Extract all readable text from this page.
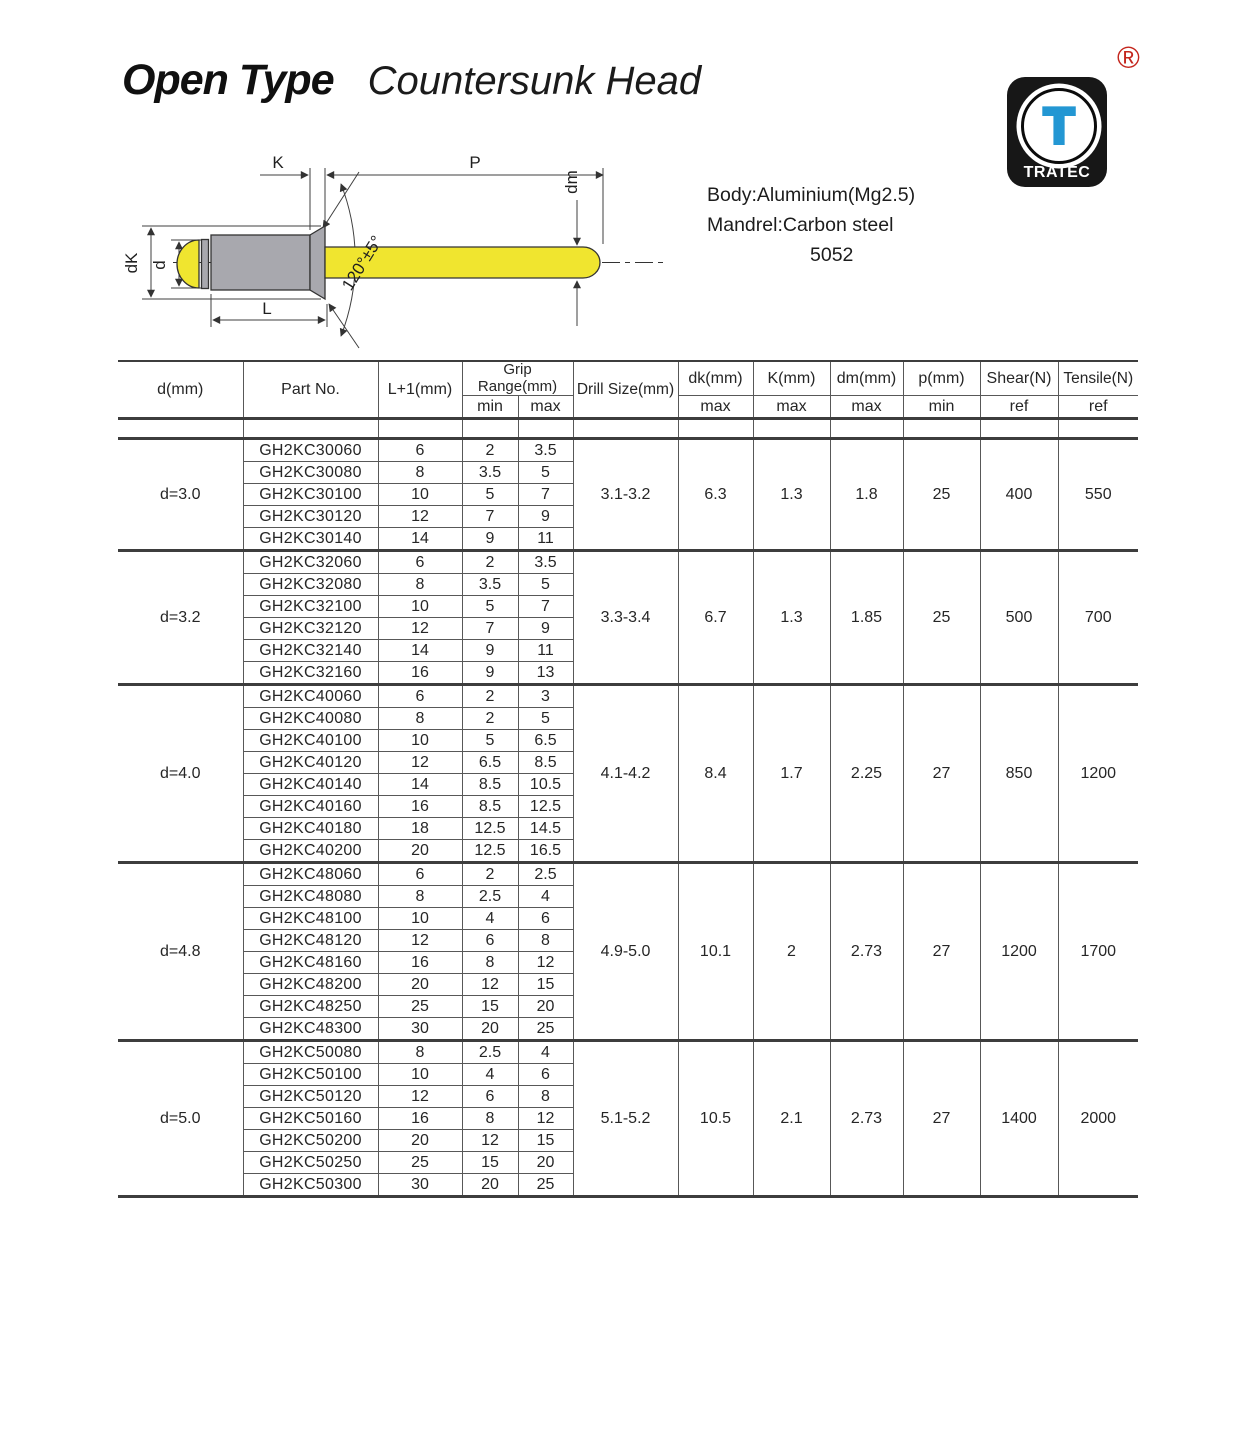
Open Type Countersunk Head
T
TRATEC
®
Body:Aluminium(Mg2.5)
Mandrel:Carbon steel
5052
dK d
L
K	P
dm
120°±5°
d(mm)	Part No.	L+1(mm)	Grip Range(mm)		Drill Size(mm)	dk(mm)	K(mm)	dm(mm)	p(mm)	Shear(N)	Tensile(N)
			min	max		max	max	max	min	ref	ref

d=3.0	GH2KC30060	6	2	3.5	3.1-3.2	6.3	1.3	1.8	25	400	550
	GH2KC30080	8	3.5	5							
	GH2KC30100	10	5	7							
	GH2KC30120	12	7	9							
	GH2KC30140	14	9	11							
d=3.2	GH2KC32060	6	2	3.5	3.3-3.4	6.7	1.3	1.85	25	500	700
	GH2KC32080	8	3.5	5							
	GH2KC32100	10	5	7							
	GH2KC32120	12	7	9							
	GH2KC32140	14	9	11							
	GH2KC32160	16	9	13							
d=4.0	GH2KC40060	6	2	3	4.1-4.2	8.4	1.7	2.25	27	850	1200
	GH2KC40080	8	2	5							
	GH2KC40100	10	5	6.5							
	GH2KC40120	12	6.5	8.5							
	GH2KC40140	14	8.5	10.5							
	GH2KC40160	16	8.5	12.5							
	GH2KC40180	18	12.5	14.5							
	GH2KC40200	20	12.5	16.5							
d=4.8	GH2KC48060	6	2	2.5	4.9-5.0	10.1	2	2.73	27	1200	1700
	GH2KC48080	8	2.5	4							
	GH2KC48100	10	4	6							
	GH2KC48120	12	6	8							
	GH2KC48160	16	8	12							
	GH2KC48200	20	12	15							
	GH2KC48250	25	15	20							
	GH2KC48300	30	20	25							
d=5.0	GH2KC50080	8	2.5	4	5.1-5.2	10.5	2.1	2.73	27	1400	2000
	GH2KC50100	10	4	6							
	GH2KC50120	12	6	8							
	GH2KC50160	16	8	12							
	GH2KC50200	20	12	15							
	GH2KC50250	25	15	20							
	GH2KC50300	30	20	25							
